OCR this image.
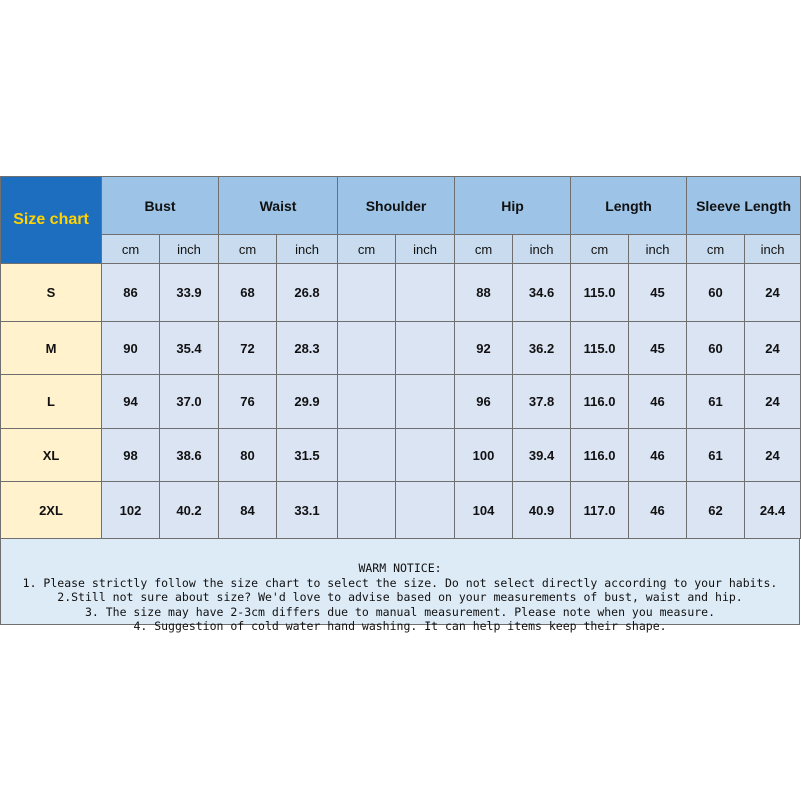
Size chart	Bust		Waist		Shoulder		Hip		Length		Sleeve Length	
	cm	inch	cm	inch	cm	inch	cm	inch	cm	inch	cm	inch
S	86	33.9	68	26.8			88	34.6	115.0	45	60	24
M	90	35.4	72	28.3			92	36.2	115.0	45	60	24
L	94	37.0	76	29.9			96	37.8	116.0	46	61	24
XL	98	38.6	80	31.5			100	39.4	116.0	46	61	24
2XL	102	40.2	84	33.1			104	40.9	117.0	46	62	24.4
WARM NOTICE:
1. Please strictly follow the size chart to select the size. Do not select directly according to your habits.
2.Still not sure about size? We'd love to advise based on your measurements of bust, waist and hip.
3. The size may have 2-3cm differs due to manual measurement. Please note when you measure.
4. Suggestion of cold water hand washing. It can help items keep their shape.
